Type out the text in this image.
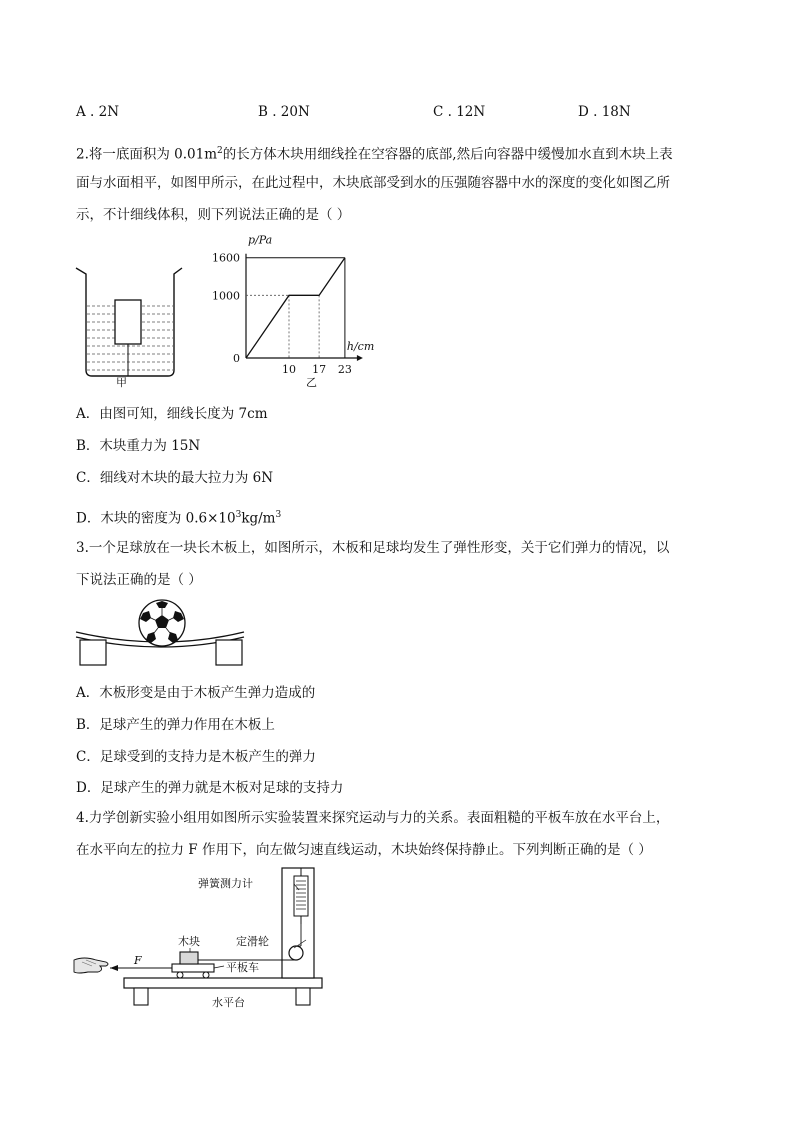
A . 2N	B . 20N	C . 12N	D . 18N
2.将一底面积为 $0.01m^2$的长方体木块用细线拴在空容器的底部,然后向容器中缓慢加水直到木块上表
面与水面相平，如图甲所示，在此过程中，木块底部受到水的压强随容器中水的深度的变化如图乙所
示，不计细线体积，则下列说法正确的是（ ）
甲
1600
1000
0
10 17 23
p/Pa
h/cm
乙
A．由图可知，细线长度为 7cm
B．木块重力为 15N
C．细线对木块的最大拉力为 6N
D．木块的密度为 $0.6\times 10^3kg/m^3$
3.一个足球放在一块长木板上，如图所示，木板和足球均发生了弹性形变，关于它们弹力的情况，以
下说法正确的是（ ）
A．木板形变是由于木板产生弹力造成的
B．足球产生的弹力作用在木板上
C．足球受到的支持力是木板产生的弹力
D．足球产生的弹力就是木板对足球的支持力
4.力学创新实验小组用如图所示实验装置来探究运动与力的关系。表面粗糙的平板车放在水平台上，
在水平向左的拉力 F 作用下，向左做匀速直线运动，木块始终保持静止。下列判断正确的是（ ）
弹簧测力计
木块	定滑轮
F
平板车
水平台
